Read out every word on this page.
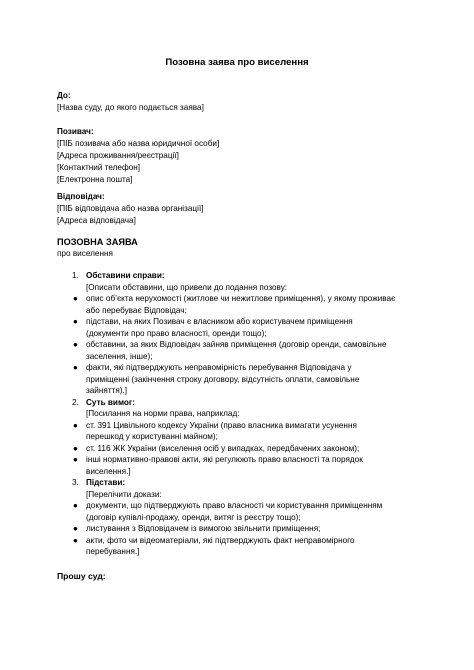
Позовна заява про виселення
До:
[Назва суду, до якого подається заява]
Позивач:
[ПІБ позивача або назва юридичної особи]
[Адреса проживання/реєстрації]
[Контактний телефон]
[Електронна пошта]
Відповідач:
[ПІБ відповідача або назва організації]
[Адреса відповідача]
ПОЗОВНА ЗАЯВА
про виселення
1. Обставини справи:
[Описати обставини, що привели до подання позову:
● опис об’єкта нерухомості (житлове чи нежитлове приміщення), у якому проживає
або перебуває Відповідач;
● підстави, на яких Позивач є власником або користувачем приміщення
(документи про право власності, оренди тощо);
● обставини, за яких Відповідач зайняв приміщення (договір оренди, самовільне
заселення, інше);
● факти, які підтверджують неправомірність перебування Відповідача у
приміщенні (закінчення строку договору, відсутність оплати, самовільне
зайняття).]
2. Суть вимог:
[Посилання на норми права, наприклад:
● ст. 391 Цивільного кодексу України (право власника вимагати усунення
перешкод у користуванні майном);
● ст. 116 ЖК України (виселення осіб у випадках, передбачених законом);
● інші нормативно-правові акти, які регулюють право власності та порядок
виселення.]
3. Підстави:
[Перелічити докази:
● документи, що підтверджують право власності чи користування приміщенням
(договір купівлі-продажу, оренди, витяг із реєстру тощо);
● листування з Відповідачем із вимогою звільнити приміщення;
● акти, фото чи відеоматеріали, які підтверджують факт неправомірного
перебування.]
Прошу суд:
